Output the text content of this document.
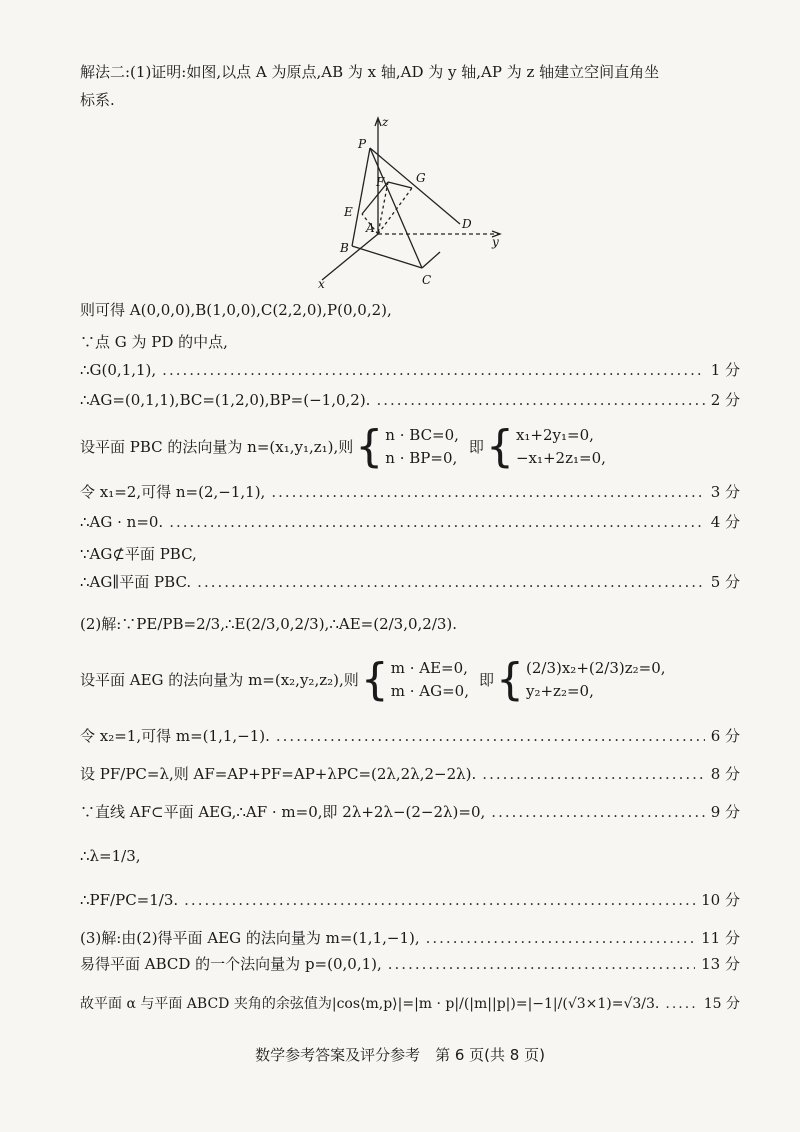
解法二:(1)证明:如图,以点 A 为原点,AB 为 x 轴,AD 为 y 轴,AP 为 z 轴建立空间直角坐
标系.
z
P
G
F
E
A	D
y
B
C
x
则可得 A(0,0,0),B(1,0,0),C(2,2,0),P(0,0,2),
∵点 G 为 PD 的中点,
∴G(0,1,1), .....	1 分
∴AG=(0,1,1),BC=(1,2,0),BP=(−1,0,2). .....	2 分
设平面 PBC 的法向量为 n=(x₁,y₁,z₁),则 { n · BC=0,
n · BP=0,
即 { x₁+2y₁=0,
−x₁+2z₁=0,
令 x₁=2,可得 n=(2,−1,1), .....	3 分
∴AG · n=0. .....	4 分
∵AG⊄平面 PBC,
∴AG∥平面 PBC. .....	5 分
(2)解:∵PE/PB=2/3,∴E(2/3,0,2/3),∴AE=(2/3,0,2/3).
设平面 AEG 的法向量为 m=(x₂,y₂,z₂),则 { m · AE=0,
m · AG=0,
即 { (2/3)x₂+(2/3)z₂=0,
y₂+z₂=0,
令 x₂=1,可得 m=(1,1,−1). .....	6 分
设 PF/PC=λ,则 AF=AP+PF=AP+λPC=(2λ,2λ,2−2λ). .....	8 分
∵直线 AF⊂平面 AEG,∴AF · m=0,即 2λ+2λ−(2−2λ)=0, .....	9 分
∴λ=1/3,
∴PF/PC=1/3. .....	10 分
(3)解:由(2)得平面 AEG 的法向量为 m=(1,1,−1), .....	11 分
易得平面 ABCD 的一个法向量为 p=(0,0,1), .....	13 分
故平面 α 与平面 ABCD 夹角的余弦值为|cos⟨m,p⟩|=|m · p|/(|m||p|)=|−1|/(√3×1)=√3/3. .....	15 分
数学参考答案及评分参考　第 6 页(共 8 页)
